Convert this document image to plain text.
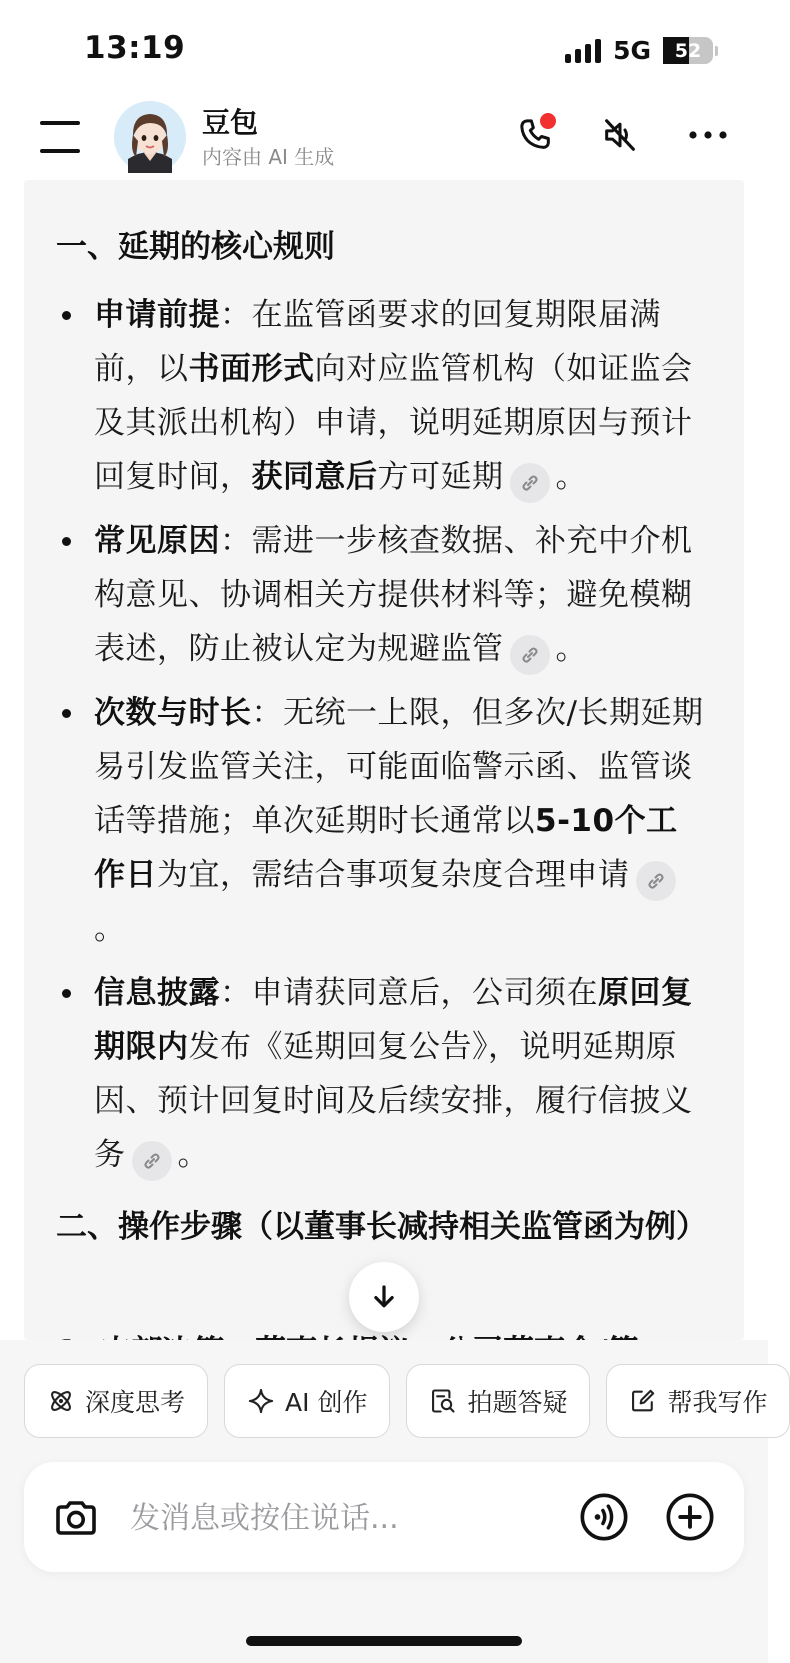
13:19	5G	52
豆包
内容由 AI 生成
一、延期的核心规则
申请前提：在监管函要求的回复期限届满前，以书面形式向对应监管机构（如证监会及其派出机构）申请，说明延期原因与预计回复时间，获同意后方可延期 。
常见原因：需进一步核查数据、补充中介机构意见、协调相关方提供材料等；避免模糊表述，防止被认定为规避监管 。
次数与时长：无统一上限，但多次/长期延期易引发监管关注，可能面临警示函、监管谈话等措施；单次延期时长通常以5-10个工作日为宜，需结合事项复杂度合理申请
。
信息披露：申请获同意后，公司须在原回复期限内发布《延期回复公告》，说明延期原因、预计回复时间及后续安排，履行信披义务 。
二、操作步骤（以董事长减持相关监管函为例）
深度思考	AI 创作	拍题答疑	帮我写作
发消息或按住说话...
